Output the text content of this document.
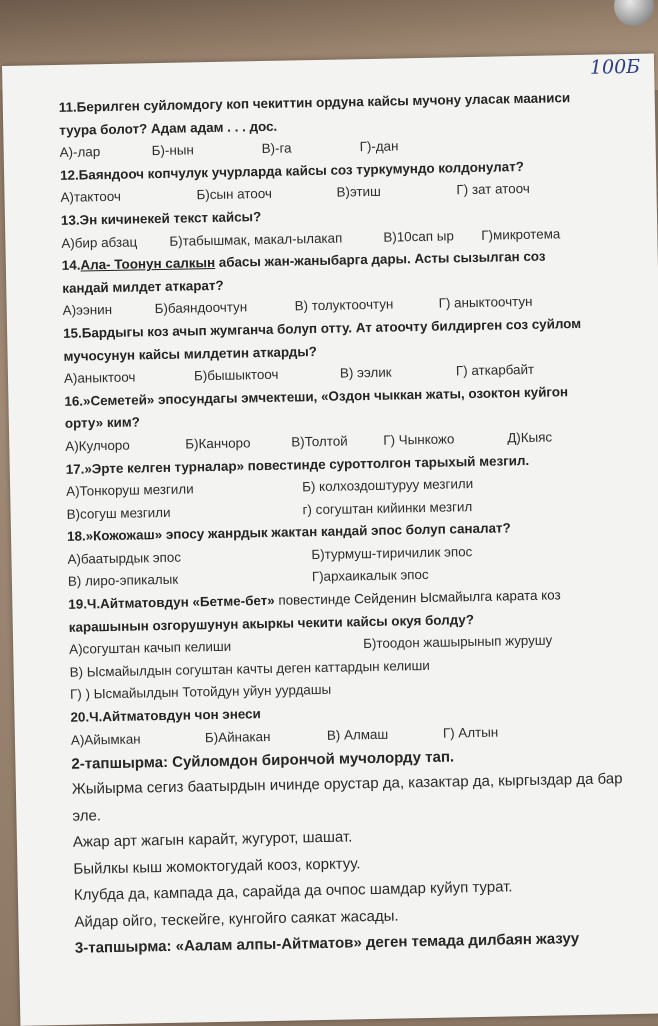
100Б
11.Берилген суйломдогу коп чекиттин ордуна кайсы мучону уласак мааниси
туура болот? Адам адам . . . дос.
А)-лар	Б)-нын	В)-га	Г)-дан
12.Баяндооч копчулук учурларда кайсы соз туркумундо колдонулат?
А)тактооч	Б)сын атооч	В)этиш	Г) зат атооч
13.Эн кичинекей текст кайсы?
А)бир абзац Б)табышмак, макал-ылакап	В)10сап ыр Г)микротема
14.Ала- Тоонун салкын абасы жан-жаныбарга дары. Асты сызылган соз
кандай милдет аткарат?
А)ээнин	Б)баяндоочтун	В) толуктоочтун	Г) аныктоочтун
15.Бардыгы коз ачып жумганча болуп отту. Ат атоочту билдирген соз суйлом
мучосунун кайсы милдетин аткарды?
А)аныктооч	Б)бышыктооч	В) ээлик	Г) аткарбайт
16.»Семетей» эпосундагы эмчектеши, «Оздон чыккан жаты, озоктон куйгон
орту» ким?
А)Кулчоро	Б)Канчоро	В)Толтой	Г) Чынкожо	Д)Кыяс
17.»Эрте келген турналар» повестинде суроттолгон тарыхый мезгил.
А)Тонкоруш мезгили	Б) колхоздоштуруу мезгили
В)согуш мезгили	г) согуштан кийинки мезгил
18.»Кожожаш» эпосу жанрдык жактан кандай эпос болуп саналат?
А)баатырдык эпос	Б)турмуш-тиричилик эпос
В) лиро-эпикалык	Г)архаикалык эпос
19.Ч.Айтматовдун «Бетме-бет» повестинде Сейденин Ысмайылга карата коз
карашынын озгорушунун акыркы чекити кайсы окуя болду?
А)согуштан качып келиши	Б)тоодон жашырынып журушу
В) Ысмайылдын согуштан качты деген каттардын келиши
Г) ) Ысмайылдын Тотойдун уйун уурдашы
20.Ч.Айтматовдун чон энеси
А)Айымкан	Б)Айнакан	В) Алмаш	Г) Алтын
2-тапшырма: Суйломдон бирончой мучолорду тап.
Жыйырма сегиз баатырдын ичинде орустар да, казактар да, кыргыздар да бар
эле.
Ажар арт жагын карайт, жугурот, шашат.
Быйлкы кыш жомоктогудай кооз, корктуу.
Клубда да, кампада да, сарайда да очпос шамдар куйуп турат.
Айдар ойго, тескейге, кунгойго саякат жасады.
3-тапшырма: «Аалам алпы-Айтматов» деген темада дилбаян жазуу
